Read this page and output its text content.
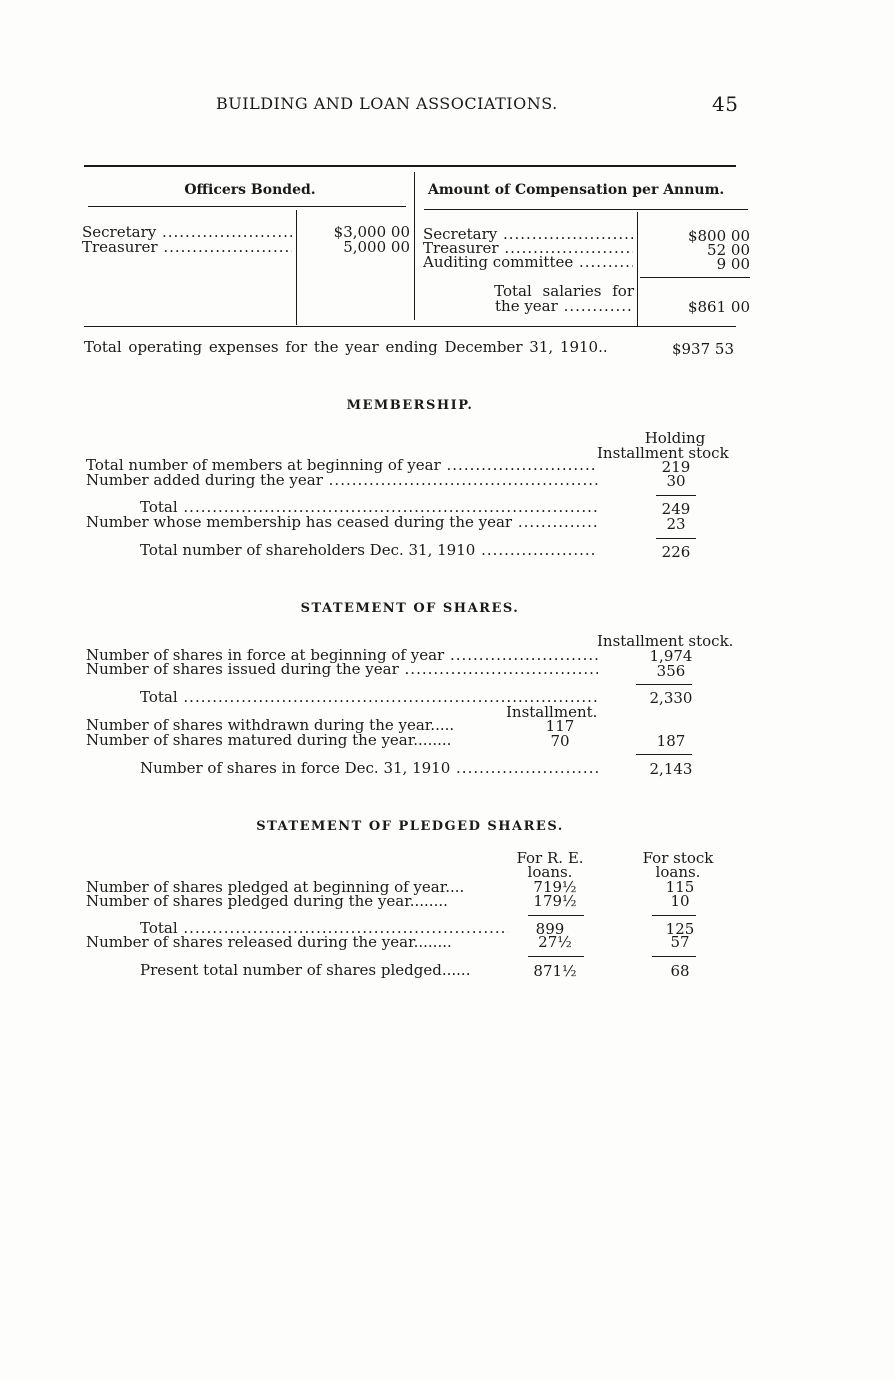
BUILDING AND LOAN ASSOCIATIONS.	45
Officers Bonded.	Amount of Compensation per Annum.
Secretary .....	$3,000 00
Treasurer .....	5,000 00
Secretary .....	$800 00
Treasurer .....	52 00
Auditing committee .....	9 00
Total salaries for
the year .....	$861 00
Total operating expenses for the year ending December 31, 1910..	$937 53
MEMBERSHIP.
Holding
Installment stock
Total number of members at beginning of year .....	219
Number added during the year .....	30
Total .....	249
Number whose membership has ceased during the year .....	23
Total number of shareholders Dec. 31, 1910 .....	226
STATEMENT OF SHARES.
Installment stock.
Number of shares in force at beginning of year .....	1,974
Number of shares issued during the year .....	356
Total .....	2,330
Installment.
Number of shares withdrawn during the year.....	117
Number of shares matured during the year........	70	187
Number of shares in force Dec. 31, 1910 .....	2,143
STATEMENT OF PLEDGED SHARES.
For R. E.
loans.
For stock
loans.
Number of shares pledged at beginning of year....	719½	115
Number of shares pledged during the year........	179½	10
Total .....	899	125
Number of shares released during the year........	27½	57
Present total number of shares pledged......	871½	68
